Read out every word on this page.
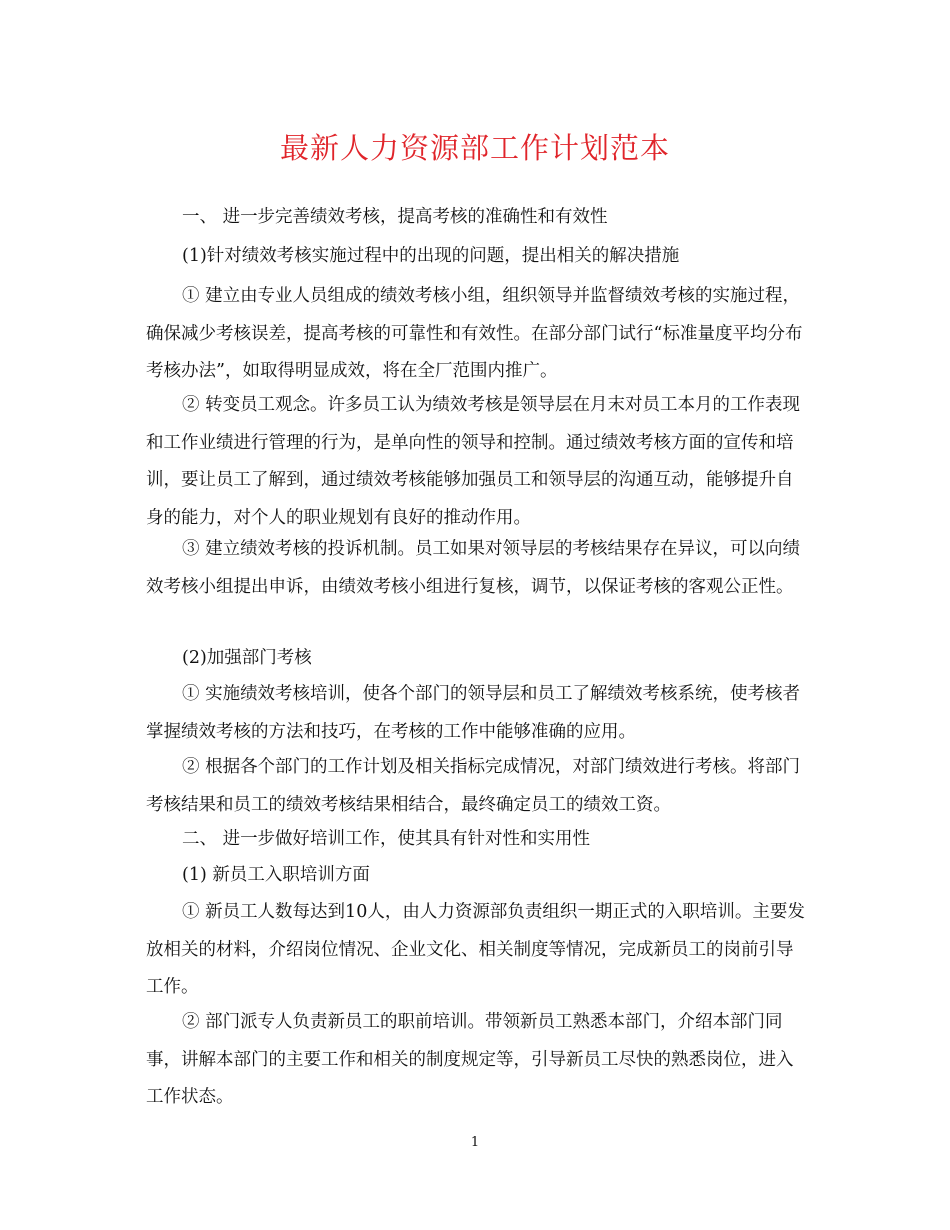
最新人力资源部工作计划范本

一、 进一步完善绩效考核，提高考核的准确性和有效性

(1)针对绩效考核实施过程中的出现的问题，提出相关的解决措施

① 建立由专业人员组成的绩效考核小组，组织领导并监督绩效考核的实施过程，确保减少考核误差，提高考核的可靠性和有效性。在部分部门试行“标准量度平均分布考核办法”，如取得明显成效，将在全厂范围内推广。

② 转变员工观念。许多员工认为绩效考核是领导层在月末对员工本月的工作表现和工作业绩进行管理的行为，是单向性的领导和控制。通过绩效考核方面的宣传和培训，要让员工了解到，通过绩效考核能够加强员工和领导层的沟通互动，能够提升自身的能力，对个人的职业规划有良好的推动作用。

③ 建立绩效考核的投诉机制。员工如果对领导层的考核结果存在异议，可以向绩效考核小组提出申诉，由绩效考核小组进行复核，调节，以保证考核的客观公正性。

(2)加强部门考核

① 实施绩效考核培训，使各个部门的领导层和员工了解绩效考核系统，使考核者掌握绩效考核的方法和技巧，在考核的工作中能够准确的应用。

② 根据各个部门的工作计划及相关指标完成情况，对部门绩效进行考核。将部门考核结果和员工的绩效考核结果相结合，最终确定员工的绩效工资。

二、 进一步做好培训工作，使其具有针对性和实用性

(1) 新员工入职培训方面

① 新员工人数每达到10人，由人力资源部负责组织一期正式的入职培训。主要发放相关的材料，介绍岗位情况、企业文化、相关制度等情况，完成新员工的岗前引导工作。

② 部门派专人负责新员工的职前培训。带领新员工熟悉本部门，介绍本部门同事，讲解本部门的主要工作和相关的制度规定等，引导新员工尽快的熟悉岗位，进入工作状态。

1
